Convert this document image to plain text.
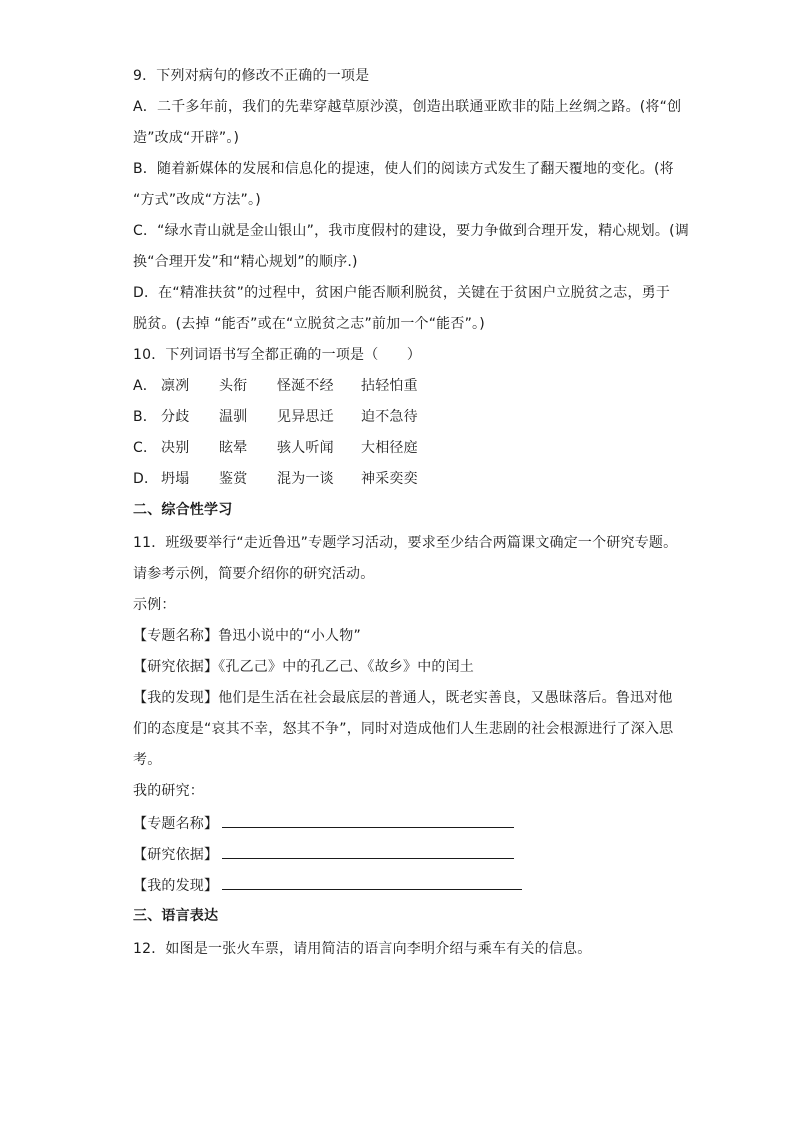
9．下列对病句的修改不正确的一项是
A．二千多年前，我们的先辈穿越草原沙漠，创造出联通亚欧非的陆上丝绸之路。(将“创
造”改成“开辟”。)
B．随着新媒体的发展和信息化的提速，使人们的阅读方式发生了翻天覆地的变化。(将
“方式”改成“方法”。)
C．“绿水青山就是金山银山”，我市度假村的建设，要力争做到合理开发，精心规划。(调
换“合理开发”和“精心规划”的顺序.)
D．在“精准扶贫”的过程中，贫困户能否顺利脱贫，关键在于贫困户立脱贫之志，勇于
脱贫。(去掉 “能否”或在“立脱贫之志”前加一个“能否”。)
10．下列词语书写全都正确的一项是（　　）
A． 凛冽 头衔 怪涎不经 拈轻怕重
B． 分歧 温驯 见异思迁 迫不急待
C． 决别 眩晕 骇人听闻 大相径庭
D． 坍塌 鉴赏 混为一谈 神采奕奕
二、综合性学习
11．班级要举行“走近鲁迅”专题学习活动，要求至少结合两篇课文确定一个研究专题。
请参考示例，简要介绍你的研究活动。
示例：
【专题名称】鲁迅小说中的“小人物”
【研究依据】《孔乙己》中的孔乙己、《故乡》中的闰土
【我的发现】他们是生活在社会最底层的普通人，既老实善良，又愚昧落后。鲁迅对他
们的态度是“哀其不幸，怒其不争”，同时对造成他们人生悲剧的社会根源进行了深入思
考。
我的研究：
【专题名称】
【研究依据】
【我的发现】
三、语言表达
12．如图是一张火车票，请用简洁的语言向李明介绍与乘车有关的信息。
